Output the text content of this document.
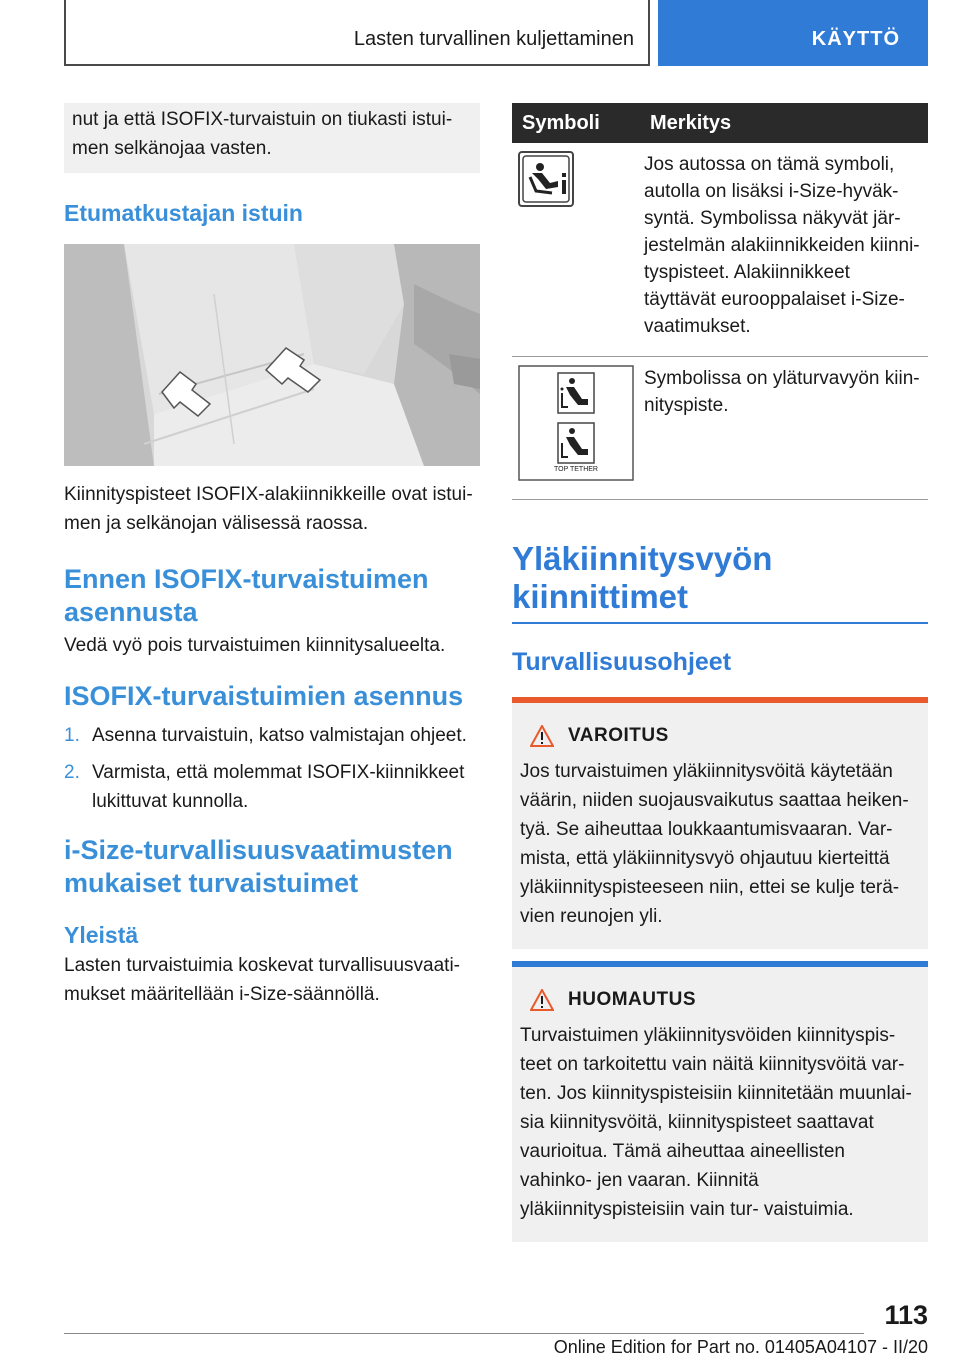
Lasten turvallinen kuljettaminen	KÄYTTÖ

nut ja että ISOFIX-turvaistuin on tiukasti istui- men selkänojaa vasten.

Etumatkustajan istuin

Kiinnityspisteet ISOFIX-alakiinnikkeille ovat istui- men ja selkänojan välisessä raossa.

Ennen ISOFIX-turvaistuimen asennusta

Vedä vyö pois turvaistuimen kiinnitysalueelta.

ISOFIX-turvaistuimien asennus
1. Asenna turvaistuin, katso valmistajan ohjeet.
2. Varmista, että molemmat ISOFIX-kiinnikkeet lukittuvat kunnolla.
i-Size-turvallisuusvaatimusten mukaiset turvaistuimet
Yleistä

Lasten turvaistuimia koskevat turvallisuusvaati- mukset määritellään i-Size-säännöllä.

Symboli	Merkitys
	Jos autossa on tämä symboli, autolla on lisäksi i-Size-hyväk- syntä. Symbolissa näkyvät jär- jestelmän alakiinnikkeiden kiinni- tyspisteet. Alakiinnikkeet täyttävät eurooppalaiset i-Size- vaatimukset.

TOP TETHER	Symbolissa on yläturvavyön kiin- nityspiste.
Yläkiinnitysvyön kiinnittimet
Turvallisuusohjeet
VAROITUS

Jos turvaistuimen yläkiinnitysvöitä käytetään väärin, niiden suojausvaikutus saattaa heiken- tyä. Se aiheuttaa loukkaantumisvaaran. Var- mista, että yläkiinnitysvyö ohjautuu kierteittä yläkiinnityspisteeseen niin, ettei se kulje terä- vien reunojen yli.

HUOMAUTUS

Turvaistuimen yläkiinnitysvöiden kiinnityspis- teet on tarkoitettu vain näitä kiinnitysvöitä var- ten. Jos kiinnityspisteisiin kiinnitetään muunlai- sia kiinnitysvöitä, kiinnityspisteet saattavat vaurioitua. Tämä aiheuttaa aineellisten vahinko- jen vaaran. Kiinnitä yläkiinnityspisteisiin vain tur- vaistuimia.

113
Online Edition for Part no. 01405A04107 - II/20
